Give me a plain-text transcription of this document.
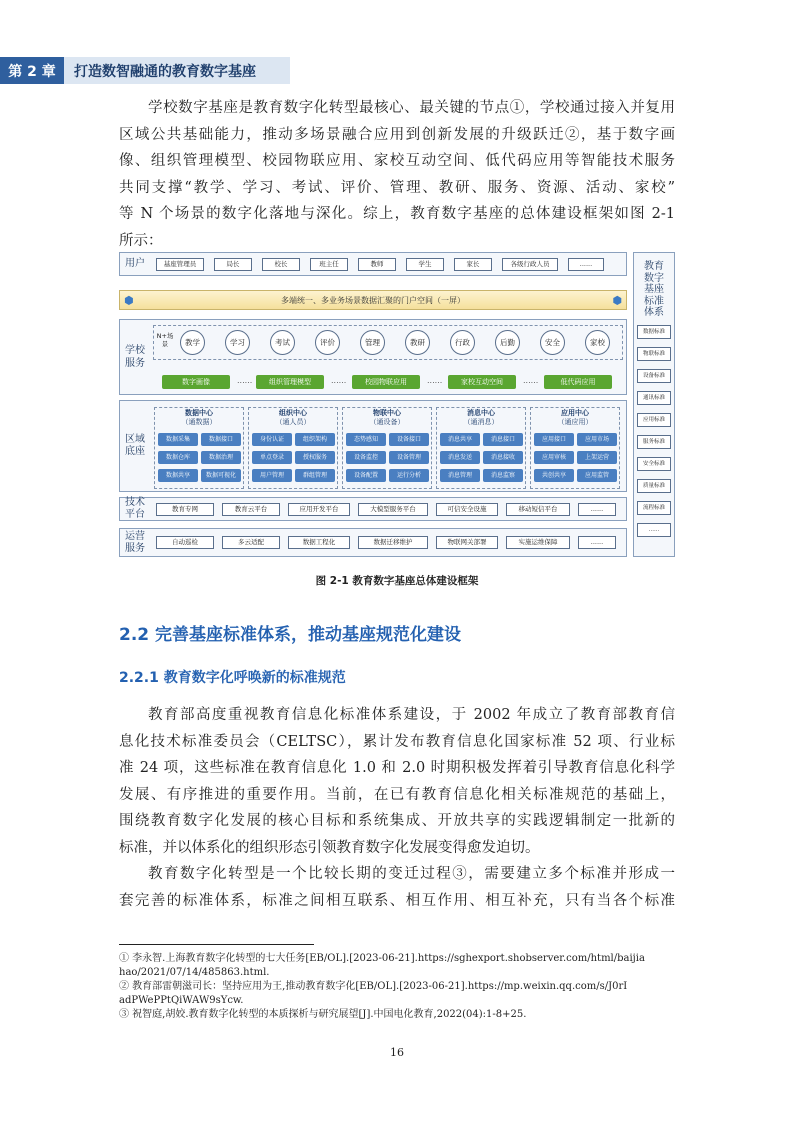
第 2 章	打造数智融通的教育数字基座
学校数字基座是教育数字化转型最核心、最关键的节点①，学校通过接入并复用
区域公共基础能力，推动多场景融合应用到创新发展的升级跃迁②，基于数字画
像、组织管理模型、校园物联应用、家校互动空间、低代码应用等智能技术服务
共同支撑“教学、学习、考试、评价、管理、教研、服务、资源、活动、家校”
等 N 个场景的数字化落地与深化。综上，教育数字基座的总体建设框架如图 2-1
所示：
用户	基座管理员	局长	校长	班主任	教师	学生	家长	各级行政人员	......
⬢	多端统一、多业务场景数据汇聚的门户空间（一屏）	⬢
学校服务
N+场景	教学	学习	考试	评价	管理	教研	行政	后勤	安全	家校
数字画像	......	组织管理模型	......	校园物联应用	......	家校互动空间	......	低代码应用
区域底座
数据中心
（通数据）
数据采集	数据接口
数据仓库	数据治理
数据共享	数据可视化
组织中心
（通人员）
身份认证	组织架构
单点登录	授权服务
用户管理	群组管理
物联中心
（通设备）
态势感知	设备接口
设备监控	设备管理
设备配置	运行分析
消息中心
（通消息）
消息共享	消息接口
消息发送	消息接收
消息管理	消息监察
应用中心
（通应用）
应用接口	应用市场
应用审核	上架运营
共创共享	应用监管
技术平台	教育专网	教育云平台	应用开发平台	大模型服务平台	可信安全设施	移动短信平台	......
运营服务
自动巡检	多云适配	数据工程化	数据迁移维护	物联网关部署	实施运维保障	......
教育数字基座标准体系
数据标准
物联标准
设备标准
通讯标准
应用标准
服务标准
安全标准
质量标准
流程标准
......
图 2-1 教育数字基座总体建设框架
2.2 完善基座标准体系，推动基座规范化建设
2.2.1 教育数字化呼唤新的标准规范
教育部高度重视教育信息化标准体系建设，于 2002 年成立了教育部教育信
息化技术标准委员会（CELTSC），累计发布教育信息化国家标准 52 项、行业标
准 24 项，这些标准在教育信息化 1.0 和 2.0 时期积极发挥着引导教育信息化科学
发展、有序推进的重要作用。当前，在已有教育信息化相关标准规范的基础上，
围绕教育数字化发展的核心目标和系统集成、开放共享的实践逻辑制定一批新的
标准，并以体系化的组织形态引领教育数字化发展变得愈发迫切。
教育数字化转型是一个比较长期的变迁过程③，需要建立多个标准并形成一
套完善的标准体系，标准之间相互联系、相互作用、相互补充，只有当各个标准
① 李永智.上海教育数字化转型的七大任务[EB/OL].[2023-06-21].https://sghexport.shobserver.com/html/baijia
hao/2021/07/14/485863.html.
② 教育部雷朝滋司长：坚持应用为王,推动教育数字化[EB/OL].[2023-06-21].https://mp.weixin.qq.com/s/J0rI
adPWePPtQiWAW9sYcw.
③ 祝智庭,胡姣.教育数字化转型的本质探析与研究展望[J].中国电化教育,2022(04):1-8+25.
16
